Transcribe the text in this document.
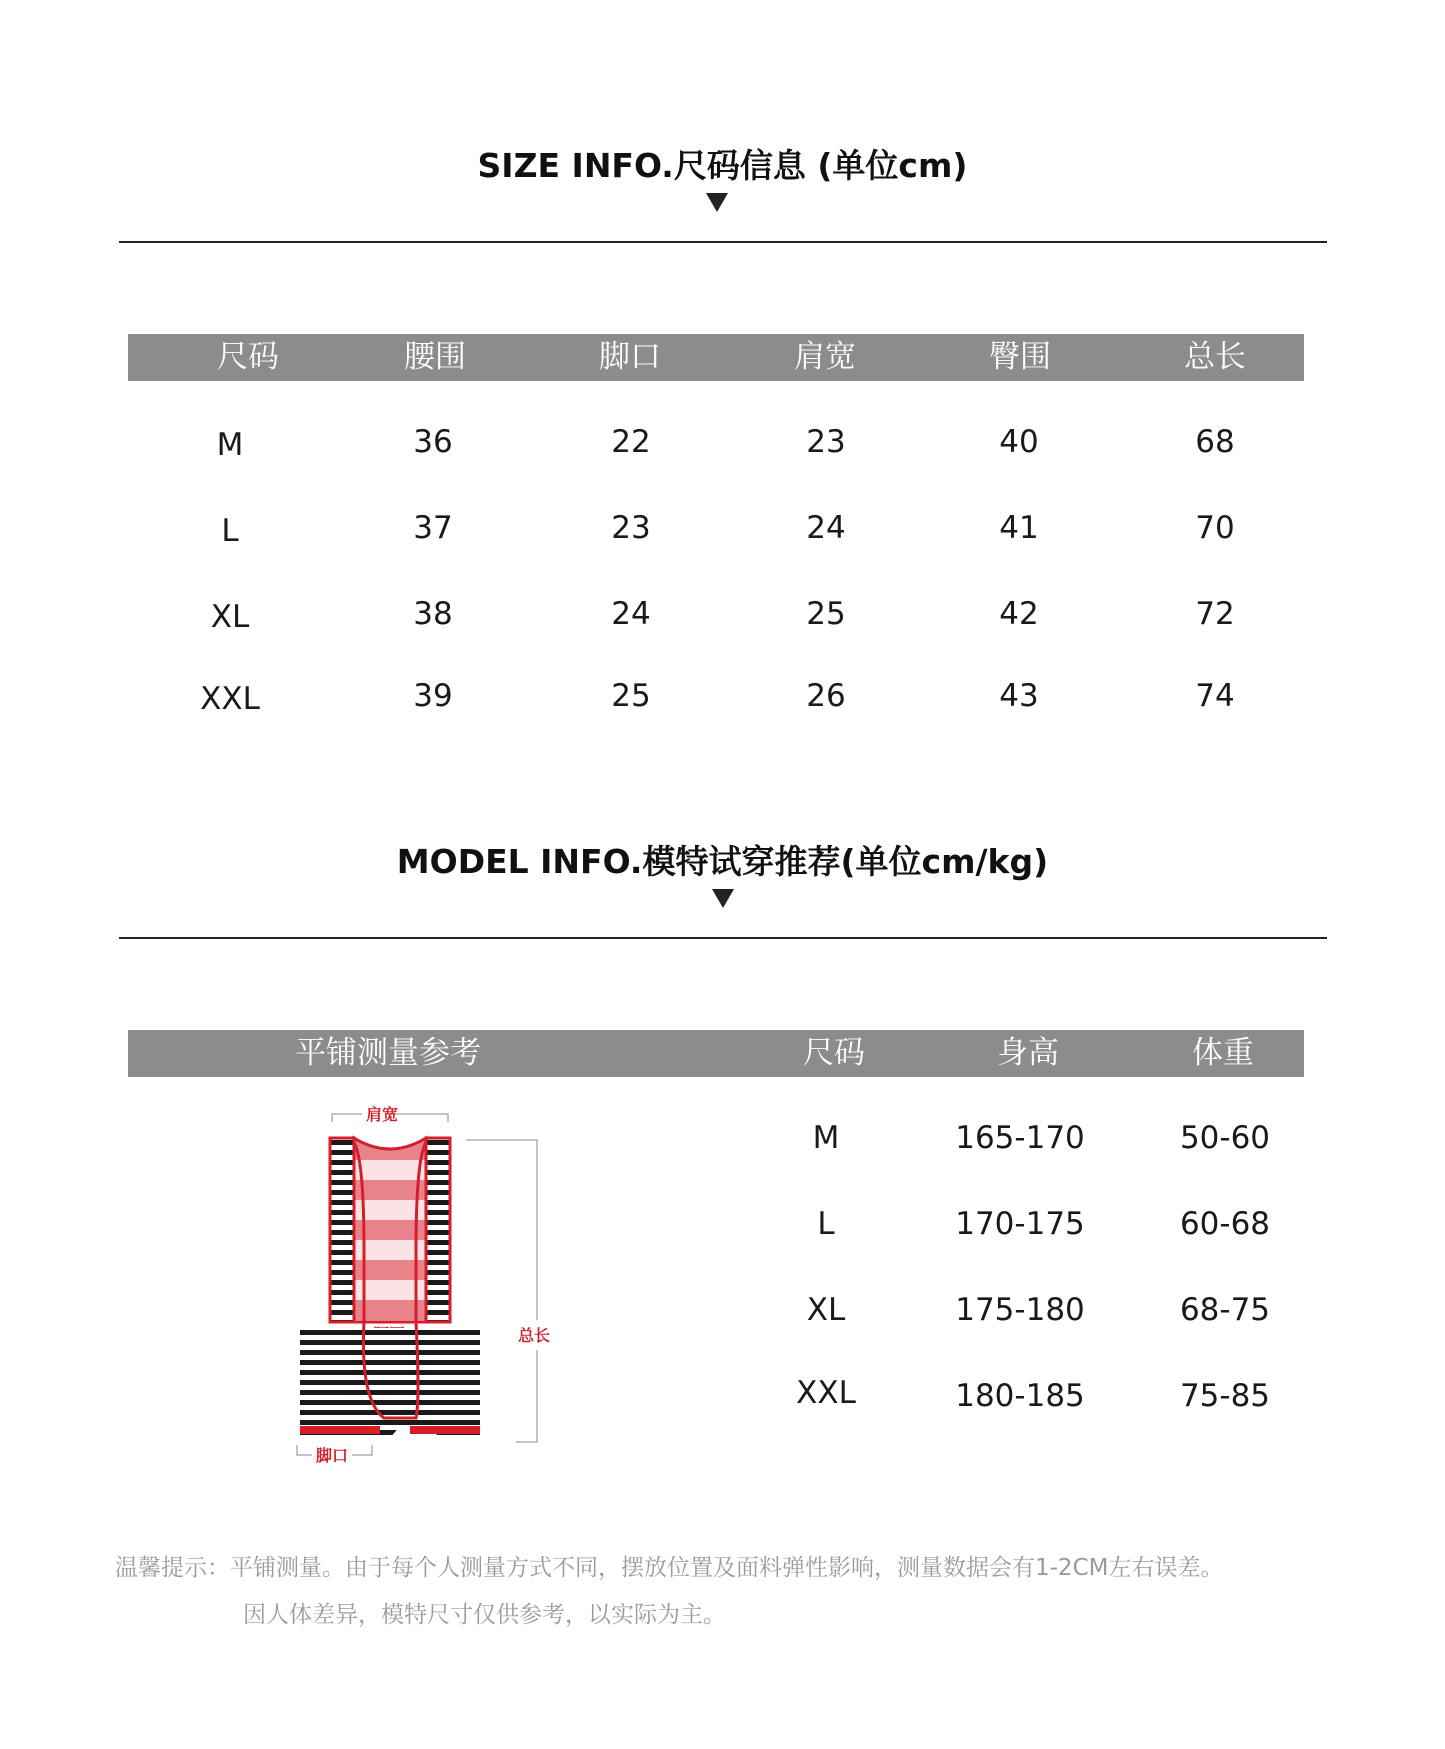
SIZE INFO.尺码信息 (单位cm)
尺码	腰围	脚口	肩宽	臀围	总长
M	36	22	23	40	68
L	37	23	24	41	70
XL	38	24	25	42	72
XXL	39	25	26	43	74
MODEL INFO.模特试穿推荐(单位cm/kg)
平铺测量参考	尺码	身高	体重
M	165-170	50-60
L	170-175	60-68
XL	175-180	68-75
XXL	180-185	75-85
肩宽
总长
脚口
温馨提示：平铺测量。由于每个人测量方式不同，摆放位置及面料弹性影响，测量数据会有1-2CM左右误差。
因人体差异，模特尺寸仅供参考，以实际为主。
